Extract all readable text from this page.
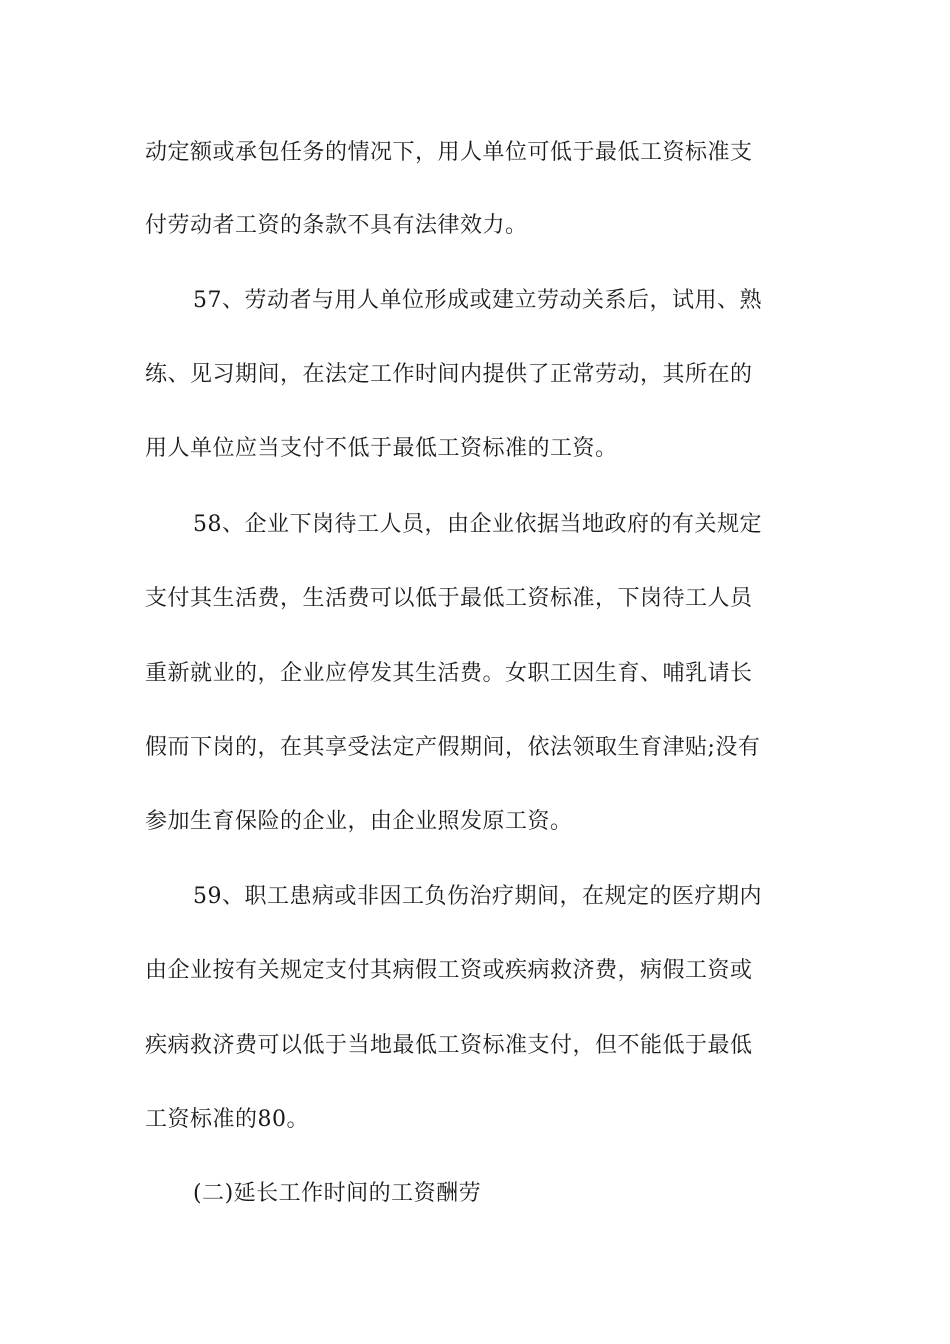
动定额或承包任务的情况下，用人单位可低于最低工资标准支
付劳动者工资的条款不具有法律效力。
57、劳动者与用人单位形成或建立劳动关系后，试用、熟
练、见习期间，在法定工作时间内提供了正常劳动，其所在的
用人单位应当支付不低于最低工资标准的工资。
58、企业下岗待工人员，由企业依据当地政府的有关规定
支付其生活费，生活费可以低于最低工资标准，下岗待工人员
重新就业的，企业应停发其生活费。女职工因生育、哺乳请长
假而下岗的，在其享受法定产假期间，依法领取生育津贴;没有
参加生育保险的企业，由企业照发原工资。
59、职工患病或非因工负伤治疗期间，在规定的医疗期内
由企业按有关规定支付其病假工资或疾病救济费，病假工资或
疾病救济费可以低于当地最低工资标准支付，但不能低于最低
工资标准的80。
(二)延长工作时间的工资酬劳
